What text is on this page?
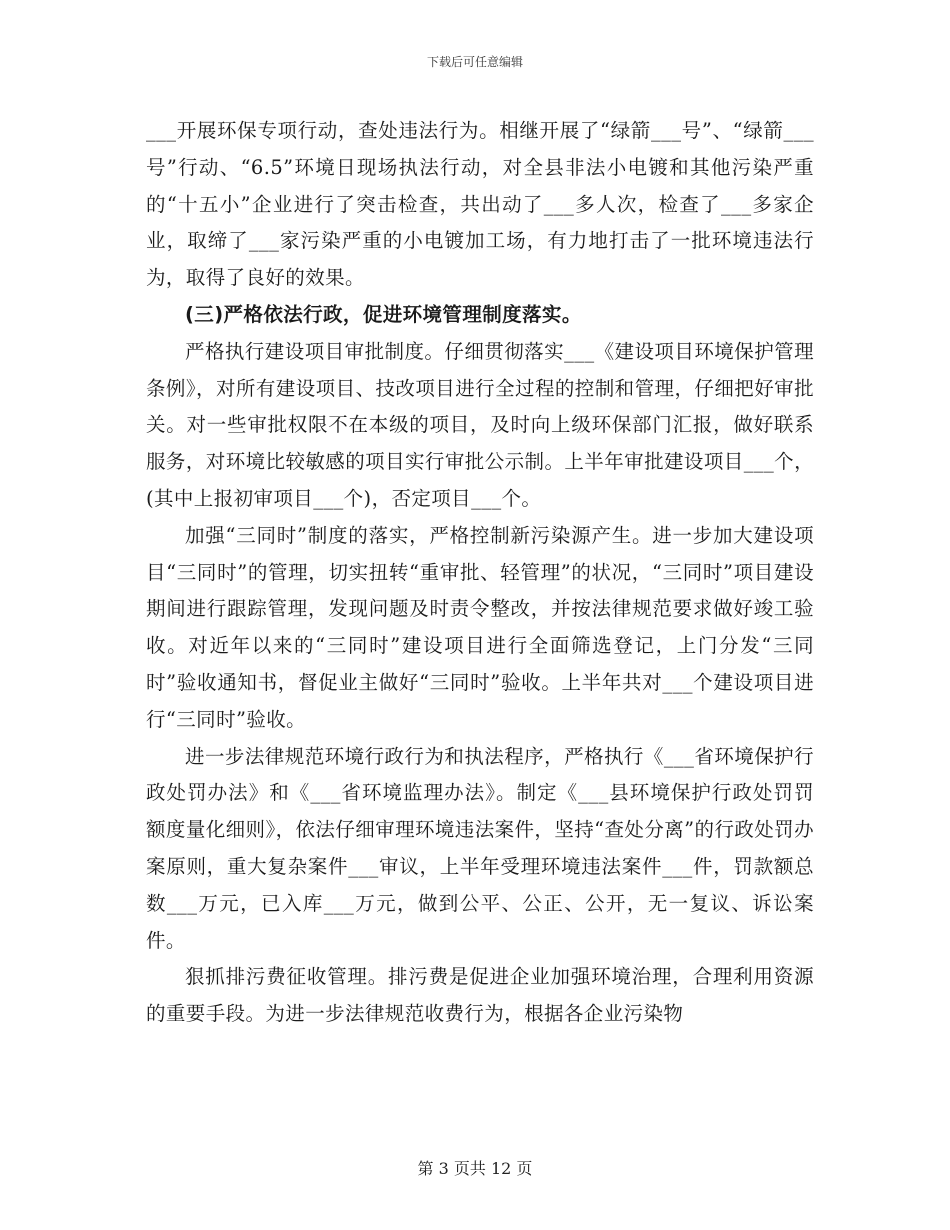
下载后可任意编辑

___开展环保专项行动，查处违法行为。相继开展了“绿箭___号”、“绿箭___号”行动、“6.5”环境日现场执法行动，对全县非法小电镀和其他污染严重的“十五小”企业进行了突击检查，共出动了___多人次，检查了___多家企业，取缔了___家污染严重的小电镀加工场，有力地打击了一批环境违法行为，取得了良好的效果。

(三)严格依法行政，促进环境管理制度落实。

严格执行建设项目审批制度。仔细贯彻落实___《建设项目环境保护管理条例》，对所有建设项目、技改项目进行全过程的控制和管理，仔细把好审批关。对一些审批权限不在本级的项目，及时向上级环保部门汇报，做好联系服务，对环境比较敏感的项目实行审批公示制。上半年审批建设项目___个，(其中上报初审项目___个)，否定项目___个。

加强“三同时”制度的落实，严格控制新污染源产生。进一步加大建设项目“三同时”的管理，切实扭转“重审批、轻管理”的状况，“三同时”项目建设期间进行跟踪管理，发现问题及时责令整改，并按法律规范要求做好竣工验收。对近年以来的“三同时”建设项目进行全面筛选登记，上门分发“三同时”验收通知书，督促业主做好“三同时”验收。上半年共对___个建设项目进行“三同时”验收。

进一步法律规范环境行政行为和执法程序，严格执行《___省环境保护行政处罚办法》和《___省环境监理办法》。制定《___县环境保护行政处罚罚额度量化细则》，依法仔细审理环境违法案件，坚持“查处分离”的行政处罚办案原则，重大复杂案件___审议，上半年受理环境违法案件___件，罚款额总数___万元，已入库___万元，做到公平、公正、公开，无一复议、诉讼案件。

狠抓排污费征收管理。排污费是促进企业加强环境治理，合理利用资源的重要手段。为进一步法律规范收费行为，根据各企业污染物

第 3 页共 12 页
